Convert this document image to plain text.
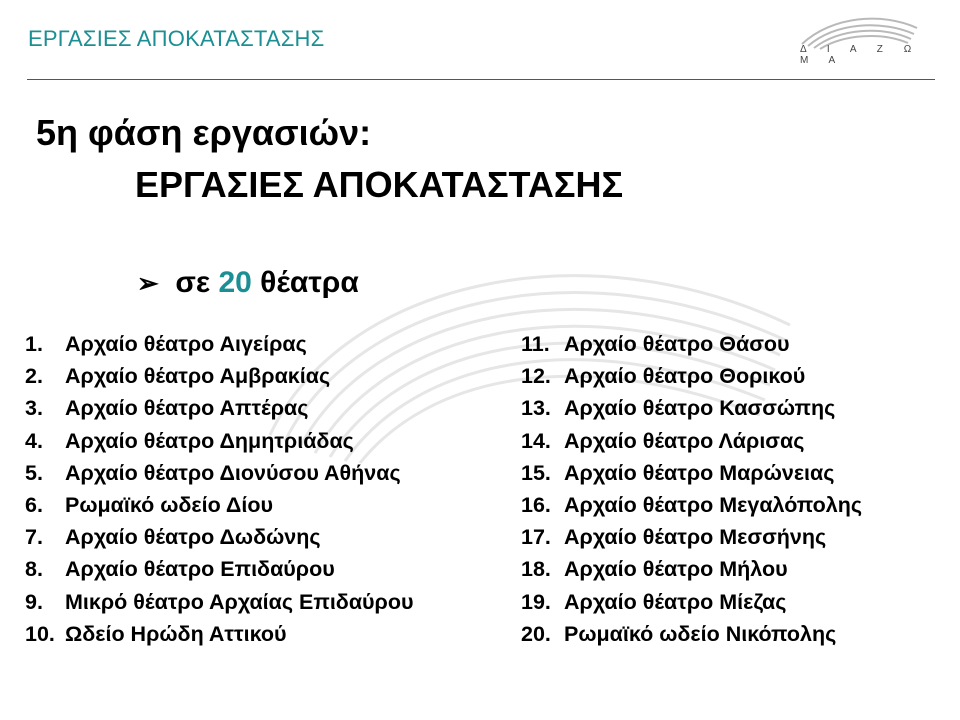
ΕΡΓΑΣΙΕΣ ΑΠΟΚΑΤΑΣΤΑΣΗΣ	Δ Ι Α Ζ Ω Μ Α
5η φάση εργασιών:
ΕΡΓΑΣΙΕΣ ΑΠΟΚΑΤΑΣΤΑΣΗΣ
➢ σε 20 θέατρα
1. Αρχαίο θέατρο Αιγείρας
2. Αρχαίο θέατρο Αμβρακίας
3. Αρχαίο θέατρο Απτέρας
4. Αρχαίο θέατρο Δημητριάδας
5. Αρχαίο θέατρο Διονύσου Αθήνας
6. Ρωμαϊκό ωδείο Δίου
7. Αρχαίο θέατρο Δωδώνης
8. Αρχαίο θέατρο Επιδαύρου
9. Μικρό θέατρο Αρχαίας Επιδαύρου
10. Ωδείο Ηρώδη Αττικού
11. Αρχαίο θέατρο Θάσου
12. Αρχαίο θέατρο Θορικού
13. Αρχαίο θέατρο Κασσώπης
14. Αρχαίο θέατρο Λάρισας
15. Αρχαίο θέατρο Μαρώνειας
16. Αρχαίο θέατρο Μεγαλόπολης
17. Αρχαίο θέατρο Μεσσήνης
18. Αρχαίο θέατρο Μήλου
19. Αρχαίο θέατρο Μίεζας
20. Ρωμαϊκό ωδείο Νικόπολης
